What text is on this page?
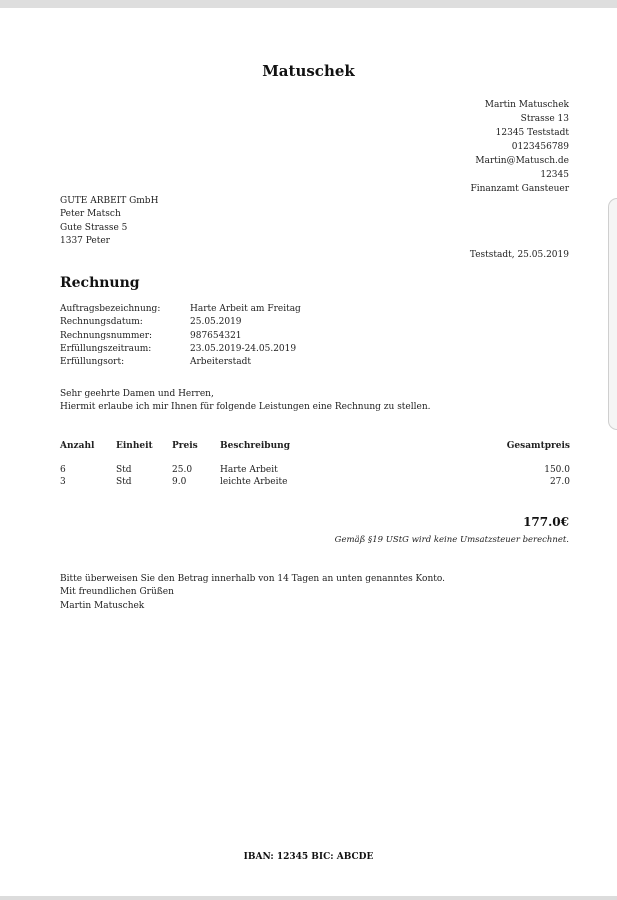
Matuschek
Martin Matuschek
Strasse 13
12345 Teststadt
0123456789
Martin@Matusch.de
12345
Finanzamt Gansteuer
GUTE ARBEIT GmbH
Peter Matsch
Gute Strasse 5
1337 Peter
Teststadt, 25.05.2019
Rechnung
Auftragsbezeichnung:	Harte Arbeit am Freitag
Rechnungsdatum:	25.05.2019
Rechnungsnummer:	987654321
Erfüllungszeitraum:	23.05.2019-24.05.2019
Erfüllungsort:	Arbeiterstadt
Sehr geehrte Damen und Herren,
Hiermit erlaube ich mir Ihnen für folgende Leistungen eine Rechnung zu stellen.
Anzahl	Einheit	Preis	Beschreibung	Gesamtpreis
6	Std	25.0	Harte Arbeit	150.0
3	Std	9.0	leichte Arbeite	27.0
177.0€
Gemäß §19 UStG wird keine Umsatzsteuer berechnet.
Bitte überweisen Sie den Betrag innerhalb von 14 Tagen an unten genanntes Konto.
Mit freundlichen Grüßen
Martin Matuschek
IBAN: 12345 BIC: ABCDE
